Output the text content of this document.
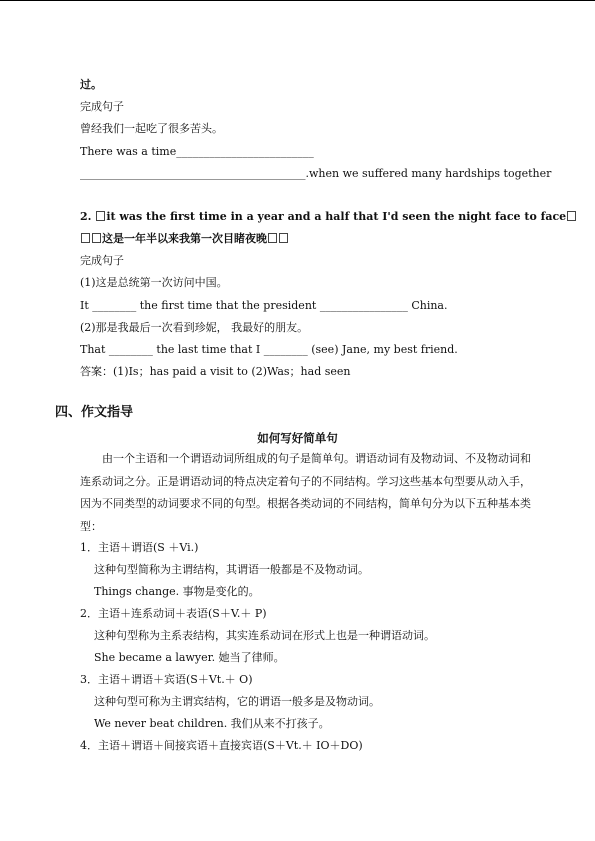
过。
完成句子
曾经我们一起吃了很多苦头。
There was a time_________________________
_________________________________________.when we suffered many hardships together
2. it was the first time in a year and a half that I'd seen the night face to face
这是一年半以来我第一次目睹夜晚
完成句子
(1)这是总统第一次访问中国。
It ________ the first time that the president ________________ China.
(2)那是我最后一次看到珍妮， 我最好的朋友。
That ________ the last time that I ________ (see) Jane, my best friend.
答案：(1)Is；has paid a visit to (2)Was；had seen
四、作文指导
如何写好简单句
由一个主语和一个谓语动词所组成的句子是简单句。谓语动词有及物动词、不及物动词和连系动词之分。正是谓语动词的特点决定着句子的不同结构。学习这些基本句型要从动入手，因为不同类型的动词要求不同的句型。根据各类动词的不同结构，简单句分为以下五种基本类型：
1．主语＋谓语(S ＋Vi.)
这种句型简称为主谓结构，其谓语一般都是不及物动词。
Things change. 事物是变化的。
2．主语＋连系动词＋表语(S＋V.＋ P)
这种句型称为主系表结构，其实连系动词在形式上也是一种谓语动词。
She became a lawyer. 她当了律师。
3．主语＋谓语＋宾语(S＋Vt.＋ O)
这种句型可称为主谓宾结构，它的谓语一般多是及物动词。
We never beat children. 我们从来不打孩子。
4．主语＋谓语＋间接宾语＋直接宾语(S＋Vt.＋ IO＋DO)
